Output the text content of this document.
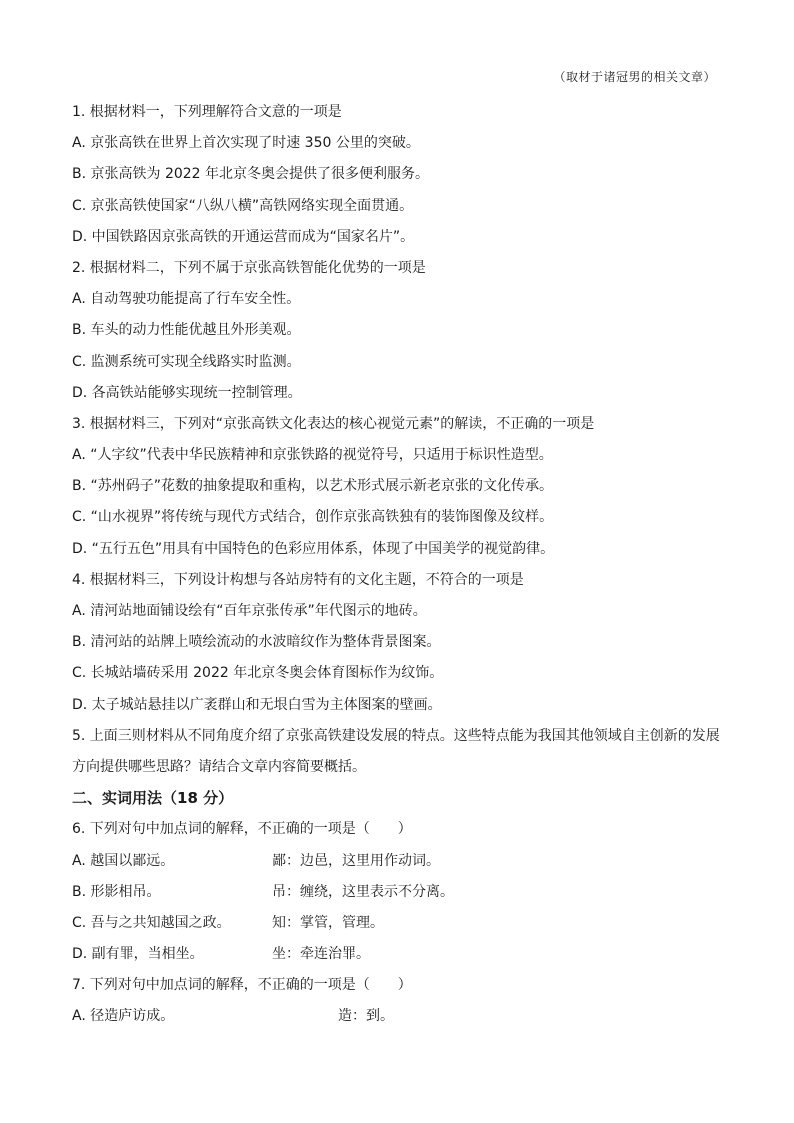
（取材于诸冠男的相关文章）
1. 根据材料一，下列理解符合文意的一项是
A. 京张高铁在世界上首次实现了时速 350 公里的突破。
B. 京张高铁为 2022 年北京冬奥会提供了很多便利服务。
C. 京张高铁使国家“八纵八横”高铁网络实现全面贯通。
D. 中国铁路因京张高铁的开通运营而成为“国家名片”。
2. 根据材料二，下列不属于京张高铁智能化优势的一项是
A. 自动驾驶功能提高了行车安全性。
B. 车头的动力性能优越且外形美观。
C. 监测系统可实现全线路实时监测。
D. 各高铁站能够实现统一控制管理。
3. 根据材料三，下列对“京张高铁文化表达的核心视觉元素”的解读，不正确的一项是
A. “人字纹”代表中华民族精神和京张铁路的视觉符号，只适用于标识性造型。
B. “苏州码子”花数的抽象提取和重构，以艺术形式展示新老京张的文化传承。
C. “山水视界”将传统与现代方式结合，创作京张高铁独有的装饰图像及纹样。
D. “五行五色”用具有中国特色的色彩应用体系，体现了中国美学的视觉韵律。
4. 根据材料三，下列设计构想与各站房特有的文化主题，不符合的一项是
A. 清河站地面铺设绘有“百年京张传承”年代图示的地砖。
B. 清河站的站牌上喷绘流动的水波暗纹作为整体背景图案。
C. 长城站墙砖采用 2022 年北京冬奥会体育图标作为纹饰。
D. 太子城站悬挂以广袤群山和无垠白雪为主体图案的壁画。
5. 上面三则材料从不同角度介绍了京张高铁建设发展的特点。这些特点能为我国其他领域自主创新的发展
方向提供哪些思路？请结合文章内容简要概括。
二、实词用法（18 分）
6. 下列对句中加点词的解释，不正确的一项是（　　）
A. 越国以鄙远。	鄙：边邑，这里用作动词。
B. 形影相吊。	吊：缠绕，这里表示不分离。
C. 吾与之共知越国之政。	知：掌管，管理。
D. 副有罪，当相坐。	坐：牵连治罪。
7. 下列对句中加点词的解释，不正确的一项是（　　）
A. 径造庐访成。	造：到。
